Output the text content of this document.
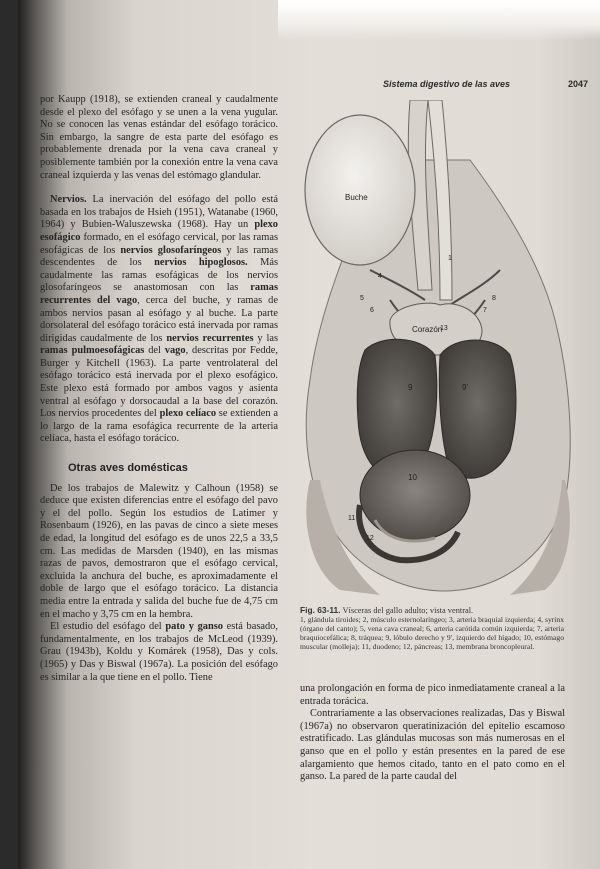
Sistema digestivo de las aves	2047

por Kaupp (1918), se extienden craneal y caudalmente desde el plexo del esófago y se unen a la vena yugular. No se conocen las venas estándar del esófago torácico. Sin embargo, la sangre de esta parte del esófago es probablemente drenada por la vena cava craneal y posiblemente también por la conexión entre la vena cava craneal izquierda y las venas del estómago glandular.

Nervios. La inervación del esófago del pollo está basada en los trabajos de Hsieh (1951), Watanabe (1960, 1964) y Bubien-Waluszewska (1968). Hay un plexo esofágico formado, en el esófago cervical, por las ramas esofágicas de los nervios glosofaríngeos y las ramas descendentes de los nervios hipoglosos. Más caudalmente las ramas esofágicas de los nervios glosofaríngeos se anastomosan con las ramas recurrentes del vago, cerca del buche, y ramas de ambos nervios pasan al esófago y al buche. La parte dorsolateral del esófago torácico está inervada por ramas dirigidas caudalmente de los nervios recurrentes y las ramas pulmoesofágicas del vago, descritas por Fedde, Burger y Kitchell (1963). La parte ventrolateral del esófago torácico está inervada por el plexo esofágico. Este plexo está formado por ambos vagos y asienta ventral al esófago y dorsocaudal a la base del corazón. Los nervios procedentes del plexo celíaco se extienden a lo largo de la rama esofágica recurrente de la arteria celíaca, hasta el esófago torácico.

Otras aves domésticas

De los trabajos de Malewitz y Calhoun (1958) se deduce que existen diferencias entre el esófago del pavo y el del pollo. Según los estudios de Latimer y Rosenbaum (1926), en las pavas de cinco a siete meses de edad, la longitud del esófago es de unos 22,5 a 33,5 cm. Las medidas de Marsden (1940), en las mismas razas de pavos, demostraron que el esófago cervical, excluida la anchura del buche, es aproximadamente el doble de largo que el esófago torácico. La distancia media entre la entrada y salida del buche fue de 4,75 cm en el macho y 3,75 cm en la hembra.

El estudio del esófago del pato y ganso está basado, fundamentalmente, en los trabajos de McLeod (1939). Grau (1943b), Koldu y Komárek (1958), Das y cols. (1965) y Das y Biswal (1967a). La posición del esófago es similar a la que tiene en el pollo. Tiene

Buche
Corazón
9	9'
10
1
4
5
6	7
8
13
11
12
Fig. 63-11. Vísceras del gallo adulto; vista ventral.
1, glándula tiroides; 2, músculo esternolaríngeo; 3, arteria braquial izquierda; 4, syrinx (órgano del canto); 5, vena cava craneal; 6, arteria carótida común izquierda; 7, arteria braquiocefálica; 8, tráquea; 9, lóbulo derecho y 9', izquierdo del hígado; 10, estómago muscular (molleja); 11, duodeno; 12, páncreas; 13, membrana broncopleural.

una prolongación en forma de pico inmediatamente craneal a la entrada torácica.

Contrariamente a las observaciones realizadas, Das y Biswal (1967a) no observaron queratinización del epitelio escamoso estratificado. Las glándulas mucosas son más numerosas en el ganso que en el pollo y están presentes en la pared de ese alargamiento que hemos citado, tanto en el pato como en el ganso. La pared de la parte caudal del
